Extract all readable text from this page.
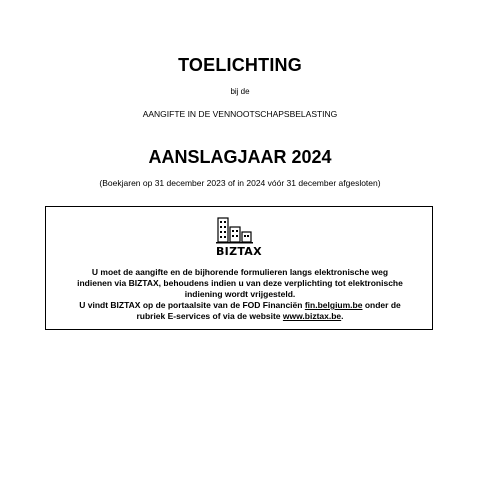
TOELICHTING
bij de
AANGIFTE IN DE VENNOOTSCHAPSBELASTING
AANSLAGJAAR 2024
(Boekjaren op 31 december 2023 of in 2024 vóór 31 december afgesloten)
BIZTAX
U moet de aangifte en de bijhorende formulieren langs elektronische weg
indienen via BIZTAX, behoudens indien u van deze verplichting tot elektronische
indiening wordt vrijgesteld.
U vindt BIZTAX op de portaalsite van de FOD Financiën fin.belgium.be onder de
rubriek E-services of via de website www.biztax.be.
